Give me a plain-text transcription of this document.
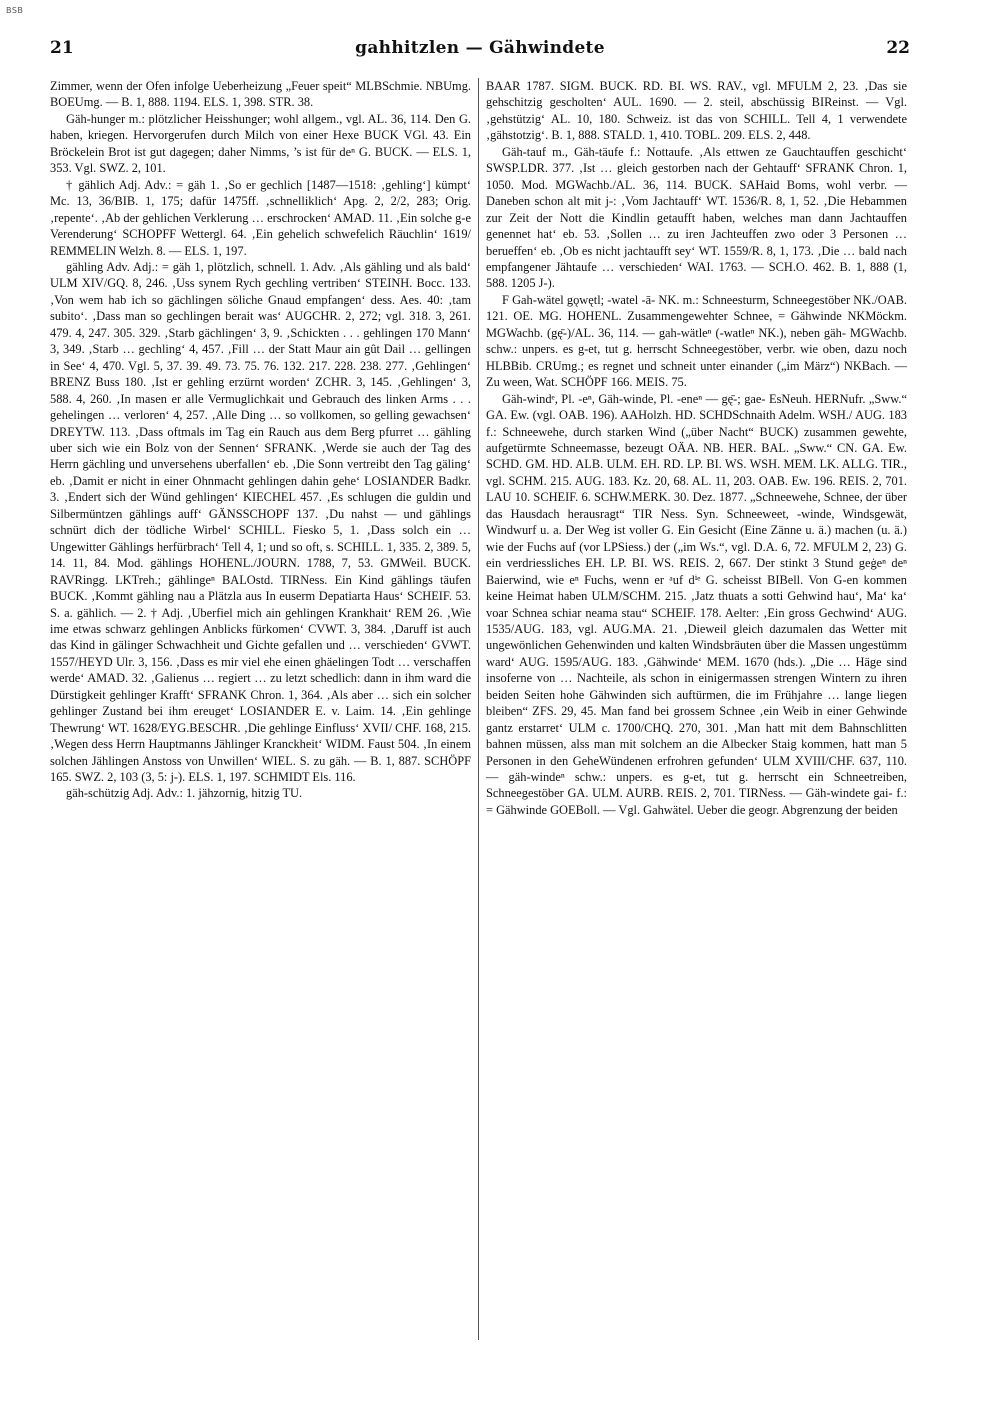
BSB
21	gahhitzlen — Gähwindete	22

Zimmer, wenn der Ofen infolge Ueberheizung „Feuer speit“ MLBSchmie. NBUmg. BOEUmg. — B. 1, 888. 1194. ELS. 1, 398. STR. 38.

Gäh-hunger m.: plötzlicher Heisshunger; wohl allgem., vgl. AL. 36, 114. Den G. haben, kriegen. Hervorgerufen durch Milch von einer Hexe BUCK VGl. 43. Ein Bröckelein Brot ist gut dagegen; daher Nimms, ’s ist für deⁿ G. BUCK. — ELS. 1, 353. Vgl. SWZ. 2, 101.

† gählich Adj. Adv.: = gäh 1. ‚So er gechlich [1487—1518: ‚gehling‘] kümpt‘ Mc. 13, 36/BIB. 1, 175; dafür 1475ff. ‚schnelliklich‘ Apg. 2, 2/2, 283; Orig. ‚repente‘. ‚Ab der gehlichen Verklerung … erschrocken‘ AMAD. 11. ‚Ein solche g-e Verenderung‘ SCHOPFF Wettergl. 64. ‚Ein gehelich schwefelich Räuchlin‘ 1619/ REMMELIN Welzh. 8. — ELS. 1, 197.

gähling Adv. Adj.: = gäh 1, plötzlich, schnell. 1. Adv. ‚Als gähling und als bald‘ ULM XIV/GQ. 8, 246. ‚Uss synem Rych gechling vertriben‘ STEINH. Bocc. 133. ‚Von wem hab ich so gächlingen söliche Gnaud empfangen‘ dess. Aes. 40: ‚tam subito‘. ‚Dass man so gechlingen berait was‘ AUGCHR. 2, 272; vgl. 318. 3, 261. 479. 4, 247. 305. 329. ‚Starb gächlingen‘ 3, 9. ‚Schickten . . . gehlingen 170 Mann‘ 3, 349. ‚Starb … gechling‘ 4, 457. ‚Fill … der Statt Maur ain gût Dail … gellingen in See‘ 4, 470. Vgl. 5, 37. 39. 49. 73. 75. 76. 132. 217. 228. 238. 277. ‚Gehlingen‘ BRENZ Buss 180. ‚Ist er gehling erzürnt worden‘ ZCHR. 3, 145. ‚Gehlingen‘ 3, 588. 4, 260. ‚In masen er alle Vermuglichkait und Gebrauch des linken Arms . . . gehelingen … verloren‘ 4, 257. ‚Alle Ding … so vollkomen, so gelling gewachsen‘ DREYTW. 113. ‚Dass oftmals im Tag ein Rauch aus dem Berg pfurret … gähling uber sich wie ein Bolz von der Sennen‘ SFRANK. ‚Werde sie auch der Tag des Herrn gächling und unversehens uberfallen‘ eb. ‚Die Sonn vertreibt den Tag gäling‘ eb. ‚Damit er nicht in einer Ohnmacht gehlingen dahin gehe‘ LOSIANDER Badkr. 3. ‚Endert sich der Wünd gehlingen‘ KIECHEL 457. ‚Es schlugen die guldin und Silbermüntzen gählings auff‘ GÄNSSCHOPF 137. ‚Du nahst — und gählings schnürt dich der tödliche Wirbel‘ SCHILL. Fiesko 5, 1. ‚Dass solch ein … Ungewitter Gählings herfürbrach‘ Tell 4, 1; und so oft, s. SCHILL. 1, 335. 2, 389. 5, 14. 11, 84. Mod. gählings HOHENL./JOURN. 1788, 7, 53. GMWeil. BUCK. RAVRingg. LKTreh.; gählingeⁿ BALOstd. TIRNess. Ein Kind gählings täufen BUCK. ‚Kommt gähling nau a Plätzla aus In euserm Depatiarta Haus‘ SCHEIF. 53. S. a. gählich. — 2. † Adj. ‚Uberfiel mich ain gehlingen Krankhait‘ REM 26. ‚Wie ime etwas schwarz gehlingen Anblicks fürkomen‘ CVWT. 3, 384. ‚Daruff ist auch das Kind in gälinger Schwachheit und Gichte gefallen und … verschieden‘ GVWT. 1557/HEYD Ulr. 3, 156. ‚Dass es mir viel ehe einen ghäelingen Todt … verschaffen werde‘ AMAD. 32. ‚Galienus … regiert … zu letzt schedlich: dann in ihm ward die Dürstigkeit gehlinger Krafft‘ SFRANK Chron. 1, 364. ‚Als aber … sich ein solcher gehlinger Zustand bei ihm ereuget‘ LOSIANDER E. v. Laim. 14. ‚Ein gehlinge Thewrung‘ WT. 1628/EYG.BESCHR. ‚Die gehlinge Einfluss‘ XVII/ CHF. 168, 215. ‚Wegen dess Herrn Hauptmanns Jählinger Kranckheit‘ WIDM. Faust 504. ‚In einem solchen Jählingen Anstoss von Unwillen‘ WIEL. S. zu gäh. — B. 1, 887. SCHÖPF 165. SWZ. 2, 103 (3, 5: j-). ELS. 1, 197. SCHMIDT Els. 116.

gäh-schützig Adj. Adv.: 1. jähzornig, hitzig TU.

BAAR 1787. SIGM. BUCK. RD. BI. WS. RAV., vgl. MFULM 2, 23. ‚Das sie gehschitzig gescholten‘ AUL. 1690. — 2. steil, abschüssig BIReinst. — Vgl. ‚gehstützig‘ AL. 10, 180. Schweiz. ist das von SCHILL. Tell 4, 1 verwendete ‚gähstotzig‘. B. 1, 888. STALD. 1, 410. TOBL. 209. ELS. 2, 448.

Gäh-tauf m., Gäh-täufe f.: Nottaufe. ‚Als ettwen ze Gauchtauffen geschicht‘ SWSP.LDR. 377. ‚Ist … gleich gestorben nach der Gehtauff‘ SFRANK Chron. 1, 1050. Mod. MGWachb./AL. 36, 114. BUCK. SAHaid Boms, wohl verbr. — Daneben schon alt mit j-: ‚Vom Jachtauff‘ WT. 1536/R. 8, 1, 52. ‚Die Hebammen zur Zeit der Nott die Kindlin getaufft haben, welches man dann Jachtauffen genennet hat‘ eb. 53. ‚Sollen … zu iren Jachteuffen zwo oder 3 Personen … berueffen‘ eb. ‚Ob es nicht jachtaufft sey‘ WT. 1559/R. 8, 1, 173. ‚Die … bald nach empfangener Jähtaufe … verschieden‘ WAI. 1763. — SCH.O. 462. B. 1, 888 (1, 588. 1205 J-).

F Gah-wätel gǫwętl; -watel -ā- NK. m.: Schneesturm, Schneegestöber NK./OAB. 121. OE. MG. HOHENL. Zusammengewehter Schnee, = Gähwinde NKMöckm. MGWachb. (gę̄-)/AL. 36, 114. — gah-wätleⁿ (-watleⁿ NK.), neben gäh- MGWachb. schw.: unpers. es g-et, tut g. herrscht Schneegestöber, verbr. wie oben, dazu noch HLBBib. CRUmg.; es regnet und schneit unter einander („im März“) NKBach. — Zu ween, Wat. SCHÖPF 166. MEIS. 75.

Gäh-windᵉ, Pl. -eⁿ, Gäh-winde, Pl. -eneⁿ — gę̄-; gae- EsNeuh. HERNufr. „Sww.“ GA. Ew. (vgl. OAB. 196). AAHolzh. HD. SCHDSchnaith Adelm. WSH./ AUG. 183 f.: Schneewehe, durch starken Wind („über Nacht“ BUCK) zusammen gewehte, aufgetürmte Schneemasse, bezeugt OÄA. NB. HER. BAL. „Sww.“ CN. GA. Ew. SCHD. GM. HD. ALB. ULM. EH. RD. LP. BI. WS. WSH. MEM. LK. ALLG. TIR., vgl. SCHM. 215. AUG. 183. Kz. 20, 68. AL. 11, 203. OAB. Ew. 196. REIS. 2, 701. LAU 10. SCHEIF. 6. SCHW.MERK. 30. Dez. 1877. „Schneewehe, Schnee, der über das Hausdach herausragt“ TIR Ness. Syn. Schneeweet, -winde, Windsgewät, Windwurf u. a. Der Weg ist voller G. Ein Gesicht (Eine Zänne u. ä.) machen (u. ä.) wie der Fuchs auf (vor LPSiess.) der („im Ws.“, vgl. D.A. 6, 72. MFULM 2, 23) G. ein verdriessliches EH. LP. BI. WS. REIS. 2, 667. Der stinkt 3 Stund geġeⁿ deⁿ Baierwind, wie eⁿ Fuchs, wenn er ᵃuf dⁱᵉ G. scheisst BIBell. Von G-en kommen keine Heimat haben ULM/SCHM. 215. ‚Jatz thuats a sotti Gehwind hau‘, Ma‘ ka‘ voar Schnea schiar neama stau“ SCHEIF. 178. Aelter: ‚Ein gross Gechwind‘ AUG. 1535/AUG. 183, vgl. AUG.MA. 21. ‚Dieweil gleich dazumalen das Wetter mit ungewönlichen Gehenwinden und kalten Windsbräuten über die Massen ungestümm ward‘ AUG. 1595/AUG. 183. ‚Gähwinde‘ MEM. 1670 (hds.). „Die … Häge sind insoferne von … Nachteile, als schon in einigermassen strengen Wintern zu ihren beiden Seiten hohe Gähwinden sich auftürmen, die im Frühjahre … lange liegen bleiben“ ZFS. 29, 45. Man fand bei grossem Schnee ‚ein Weib in einer Gehwinde gantz erstarret‘ ULM c. 1700/CHQ. 270, 301. ‚Man hatt mit dem Bahnschlitten bahnen müssen, alss man mit solchem an die Albecker Staig kommen, hatt man 5 Personen in den GeheWündenen erfrohren gefunden‘ ULM XVIII/CHF. 637, 110. — gäh-windeⁿ schw.: unpers. es g-et, tut g. herrscht ein Schneetreiben, Schneegestöber GA. ULM. AURB. REIS. 2, 701. TIRNess. — Gäh-windete gai- f.: = Gähwinde GOEBoll. — Vgl. Gahwätel. Ueber die geogr. Abgrenzung der beiden
